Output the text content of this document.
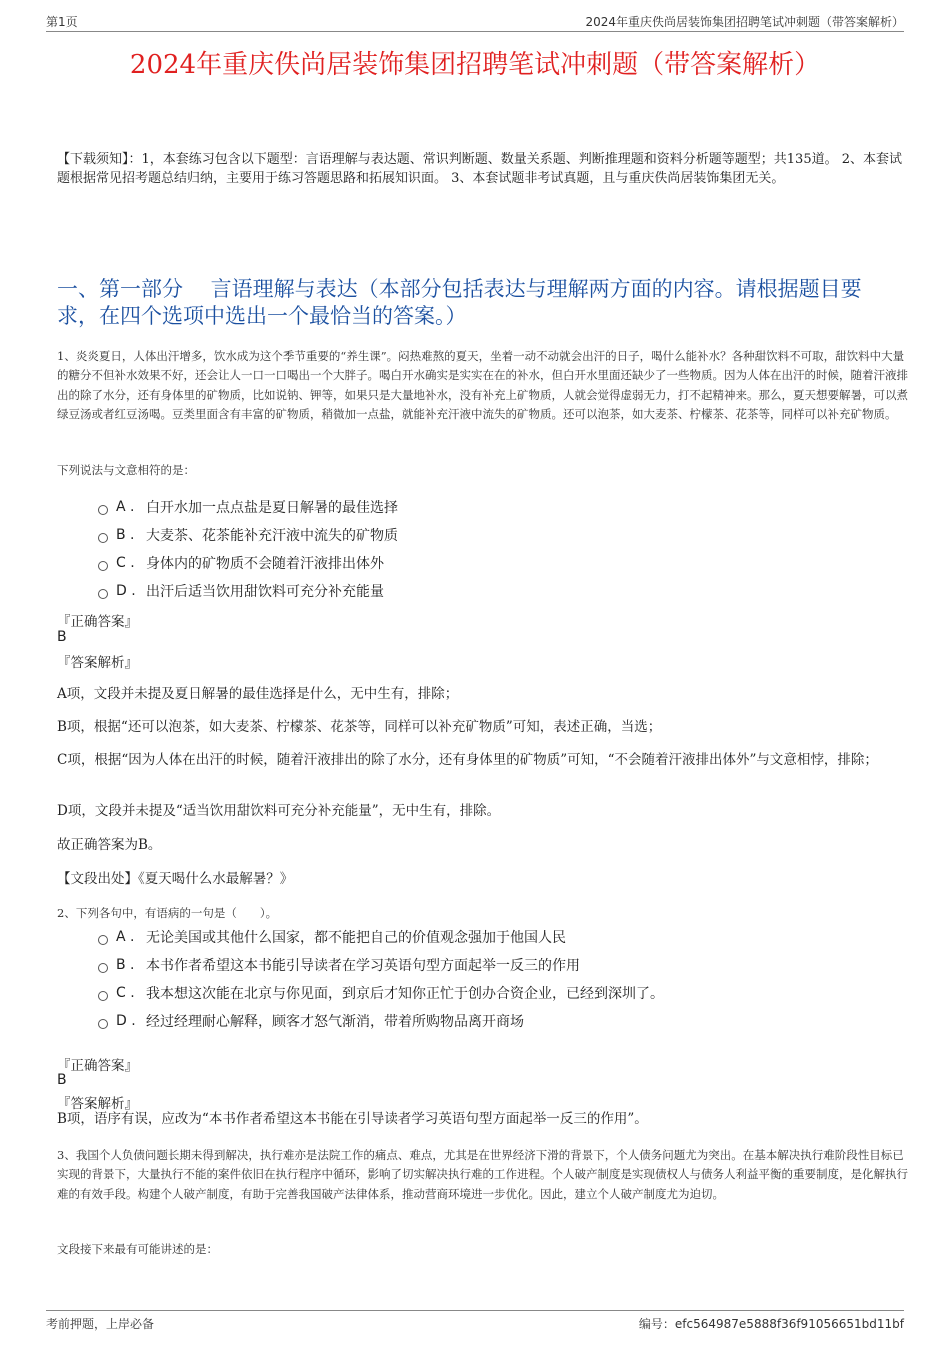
第1页	2024年重庆佚尚居装饰集团招聘笔试冲刺题（带答案解析）
2024年重庆佚尚居装饰集团招聘笔试冲刺题（带答案解析）
【下载须知】：1，本套练习包含以下题型：言语理解与表达题、常识判断题、数量关系题、判断推理题和资料分析题等题型；共135道。 2、本套试题根据常见招考题总结归纳，主要用于练习答题思路和拓展知识面。 3、本套试题非考试真题，且与重庆佚尚居装饰集团无关。
一、第一部分　 言语理解与表达（本部分包括表达与理解两方面的内容。请根据题目要求，在四个选项中选出一个最恰当的答案。）
1、炎炎夏日，人体出汗增多，饮水成为这个季节重要的“养生课”。闷热难熬的夏天，坐着一动不动就会出汗的日子，喝什么能补水？各种甜饮料不可取，甜饮料中大量的糖分不但补水效果不好，还会让人一口一口喝出一个大胖子。喝白开水确实是实实在在的补水，但白开水里面还缺少了一些物质。因为人体在出汗的时候，随着汗液排出的除了水分，还有身体里的矿物质，比如说钠、钾等，如果只是大量地补水，没有补充上矿物质，人就会觉得虚弱无力，打不起精神来。那么，夏天想要解暑，可以煮绿豆汤或者红豆汤喝。豆类里面含有丰富的矿物质，稍微加一点盐，就能补充汗液中流失的矿物质。还可以泡茶，如大麦茶、柠檬茶、花茶等，同样可以补充矿物质。
下列说法与文意相符的是：
A . 白开水加一点点盐是夏日解暑的最佳选择
B . 大麦茶、花茶能补充汗液中流失的矿物质
C . 身体内的矿物质不会随着汗液排出体外
D . 出汗后适当饮用甜饮料可充分补充能量
『正确答案』
B
『答案解析』
A项，文段并未提及夏日解暑的最佳选择是什么，无中生有，排除；
B项，根据“还可以泡茶，如大麦茶、柠檬茶、花茶等，同样可以补充矿物质”可知，表述正确，当选；
C项，根据“因为人体在出汗的时候，随着汗液排出的除了水分，还有身体里的矿物质”可知，“不会随着汗液排出体外”与文意相悖，排除；
D项，文段并未提及“适当饮用甜饮料可充分补充能量”，无中生有，排除。
故正确答案为B。
【文段出处】《夏天喝什么水最解暑？》
2、下列各句中，有语病的一句是（　　）。
A . 无论美国或其他什么国家，都不能把自己的价值观念强加于他国人民
B . 本书作者希望这本书能引导读者在学习英语句型方面起举一反三的作用
C . 我本想这次能在北京与你见面，到京后才知你正忙于创办合资企业，已经到深圳了。
D . 经过经理耐心解释，顾客才怒气渐消，带着所购物品离开商场
『正确答案』
B
『答案解析』
B项，语序有误，应改为“本书作者希望这本书能在引导读者学习英语句型方面起举一反三的作用”。
3、我国个人负债问题长期未得到解决，执行难亦是法院工作的痛点、难点，尤其是在世界经济下滑的背景下，个人债务问题尤为突出。在基本解决执行难阶段性目标已实现的背景下，大量执行不能的案件依旧在执行程序中循环，影响了切实解决执行难的工作进程。个人破产制度是实现债权人与债务人利益平衡的重要制度，是化解执行难的有效手段。构建个人破产制度，有助于完善我国破产法律体系，推动营商环境进一步优化。因此，建立个人破产制度尤为迫切。
文段接下来最有可能讲述的是：
考前押题，上岸必备	编号：efc564987e5888f36f91056651bd11bf
